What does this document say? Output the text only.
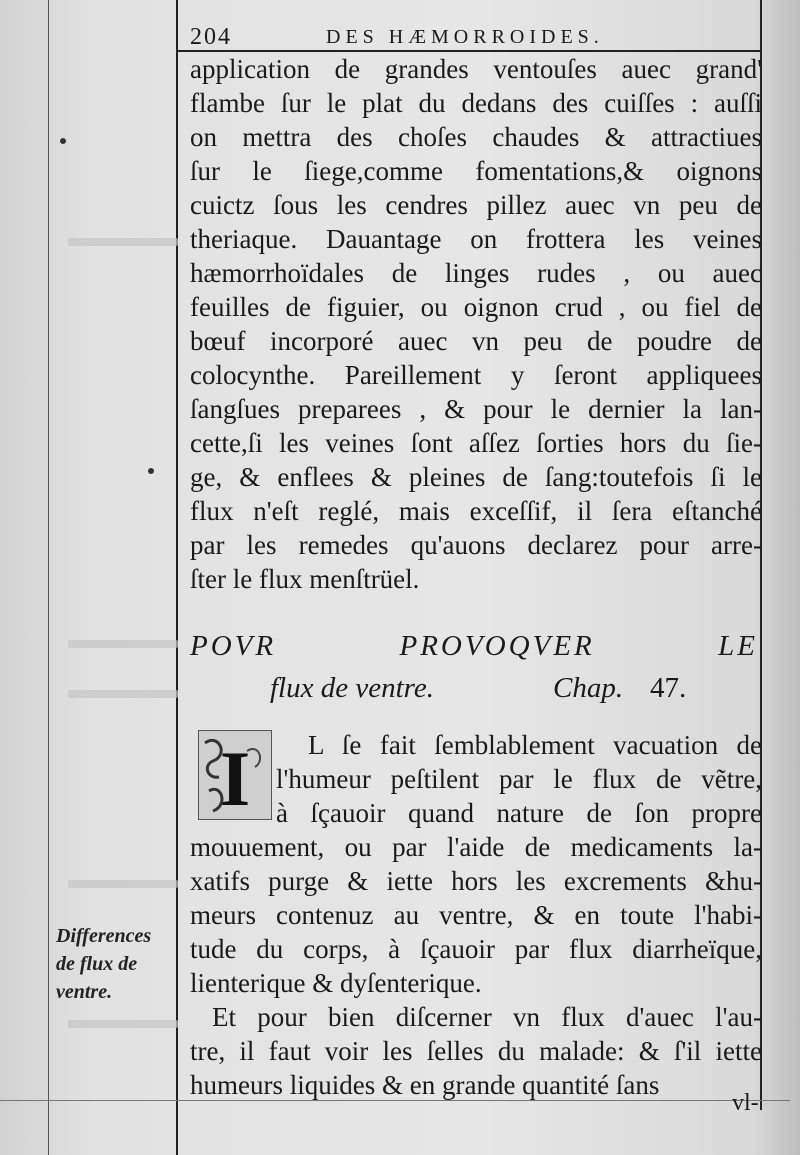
204	DES HÆMORROIDES.
application de grandes ventouſes auec grand'
flambe ſur le plat du dedans des cuiſſes : auſſi
on mettra des choſes chaudes & attractiues
ſur le ſiege,comme fomentations,& oignons
cuictz ſous les cendres pillez auec vn peu de
theriaque. Dauantage on frottera les veines
hæmorrhoïdales de linges rudes , ou auec
feuilles de figuier, ou oignon crud , ou fiel de
bœuf incorporé auec vn peu de poudre de
colocynthe. Pareillement y ſeront appliquees
ſangſues preparees , & pour le dernier la lan-
cette,ſi les veines ſont aſſez ſorties hors du ſie-
ge, & enflees & pleines de ſang:toutefois ſi le
flux n'eſt reglé, mais exceſſif, il ſera eſtanché
par les remedes qu'auons declarez pour arre-
ſter le flux menſtrüel.
POVR PROVOQVER LE
flux de ventre.	Chap. 47.
I	L ſe fait ſemblablement vacuation de
l'humeur peſtilent par le flux de vẽtre,
à ſçauoir quand nature de ſon propre
mouuement, ou par l'aide de medicaments la-
xatifs purge & iette hors les excrements &hu-
meurs contenuz au ventre, & en toute l'habi-
tude du corps, à ſçauoir par flux diarrheïque,
lienterique & dyſenterique.
Et pour bien diſcerner vn flux d'auec l'au-
tre, il faut voir les ſelles du malade: & ſ'il iette
humeurs liquides & en grande quantité ſans
Differences
de flux de
ventre.
vl-
